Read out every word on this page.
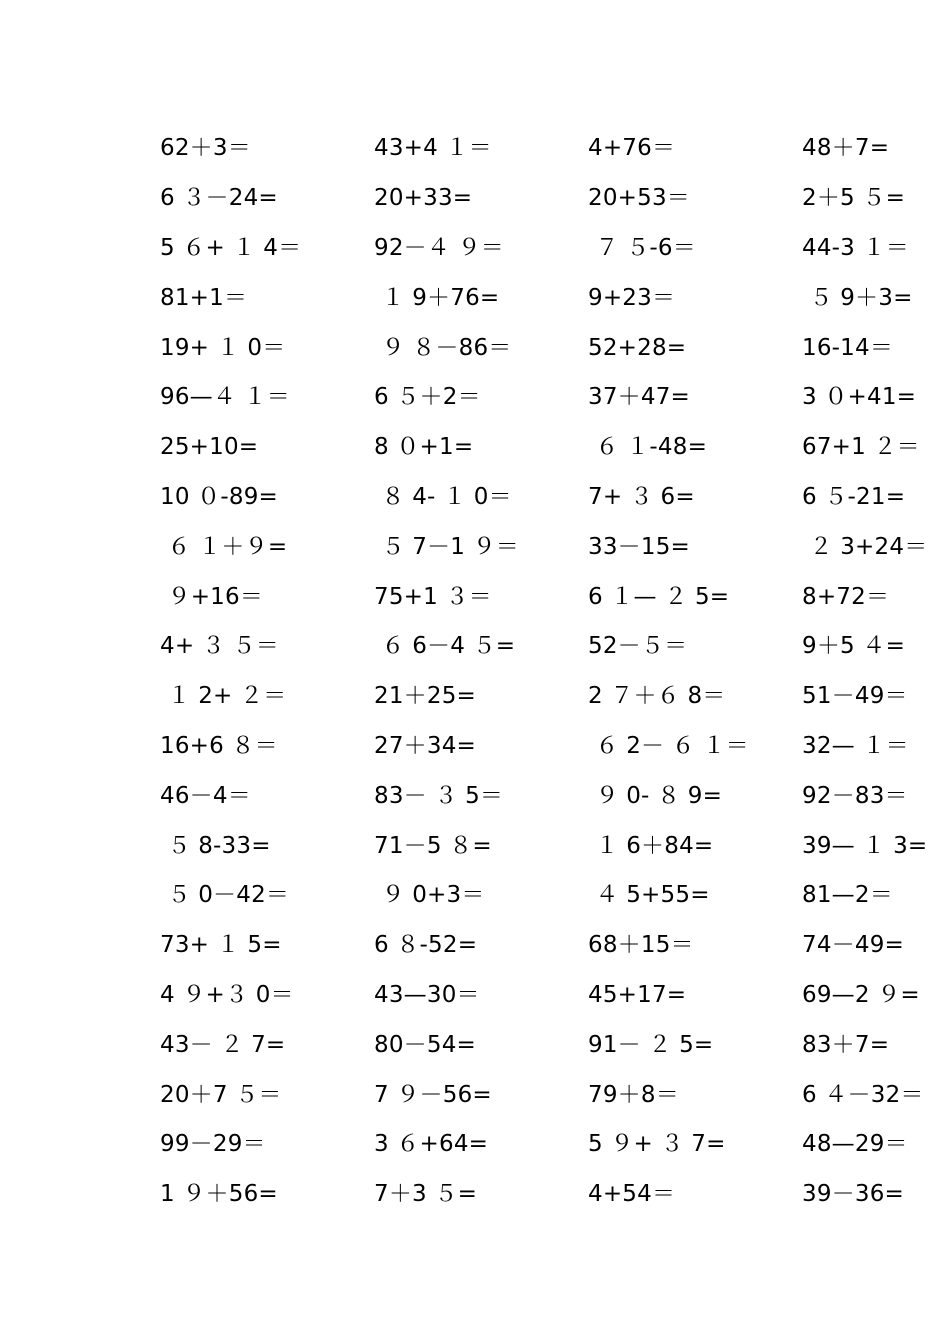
62＋3＝	43+4 １＝	4+76＝	48＋7=
6 ３－24=	20+33=	20+53＝	2＋5 ５=
5 ６+ １ 4＝	92－４ ９＝	７ ５-6＝	44-3 １＝
81+1＝	１ 9＋76=	9+23＝	５ 9＋3=
19+ １ 0＝	９ ８－86＝	52+28=	16-14＝
96—４ １＝	6 ５＋2＝	37＋47=	3 ０+41=
25+10=	8 ０+1=	６ １-48=	67+1 ２＝
10 ０-89=	８ 4- １ 0＝	7+ ３ 6=	6 ５-21=
６ １＋９=	５ 7－1 ９＝	33－15=	２ 3+24＝
９+16＝	75+1 ３＝	6 １— ２ 5=	8+72＝
4+ ３ ５＝	６ 6－4 ５=	52－５＝	9＋5 ４=
１ 2+ ２＝	21＋25=	2 ７＋６ 8＝	51－49＝
16+6 ８＝	27＋34=	６ 2－ ６ １＝	32— １＝
46－4＝	83－ ３ 5＝	９ 0- ８ 9=	92－83＝
５ 8-33=	71－5 ８=	１ 6＋84=	39— １ 3=
５ 0－42＝	９ 0+3＝	４ 5+55=	81—2＝
73+ １ 5=	6 ８-52=	68＋15＝	74－49=
4 ９+３ 0＝	43—30＝	45+17=	69—2 ９=
43－ ２ 7=	80－54=	91－ ２ 5=	83＋7=
20＋7 ５＝	7 ９－56=	79＋8＝	6 ４－32＝
99－29＝	3 ６+64=	5 ９+ ３ 7=	48—29＝
1 ９＋56=	7＋3 ５=	4+54＝	39－36=
